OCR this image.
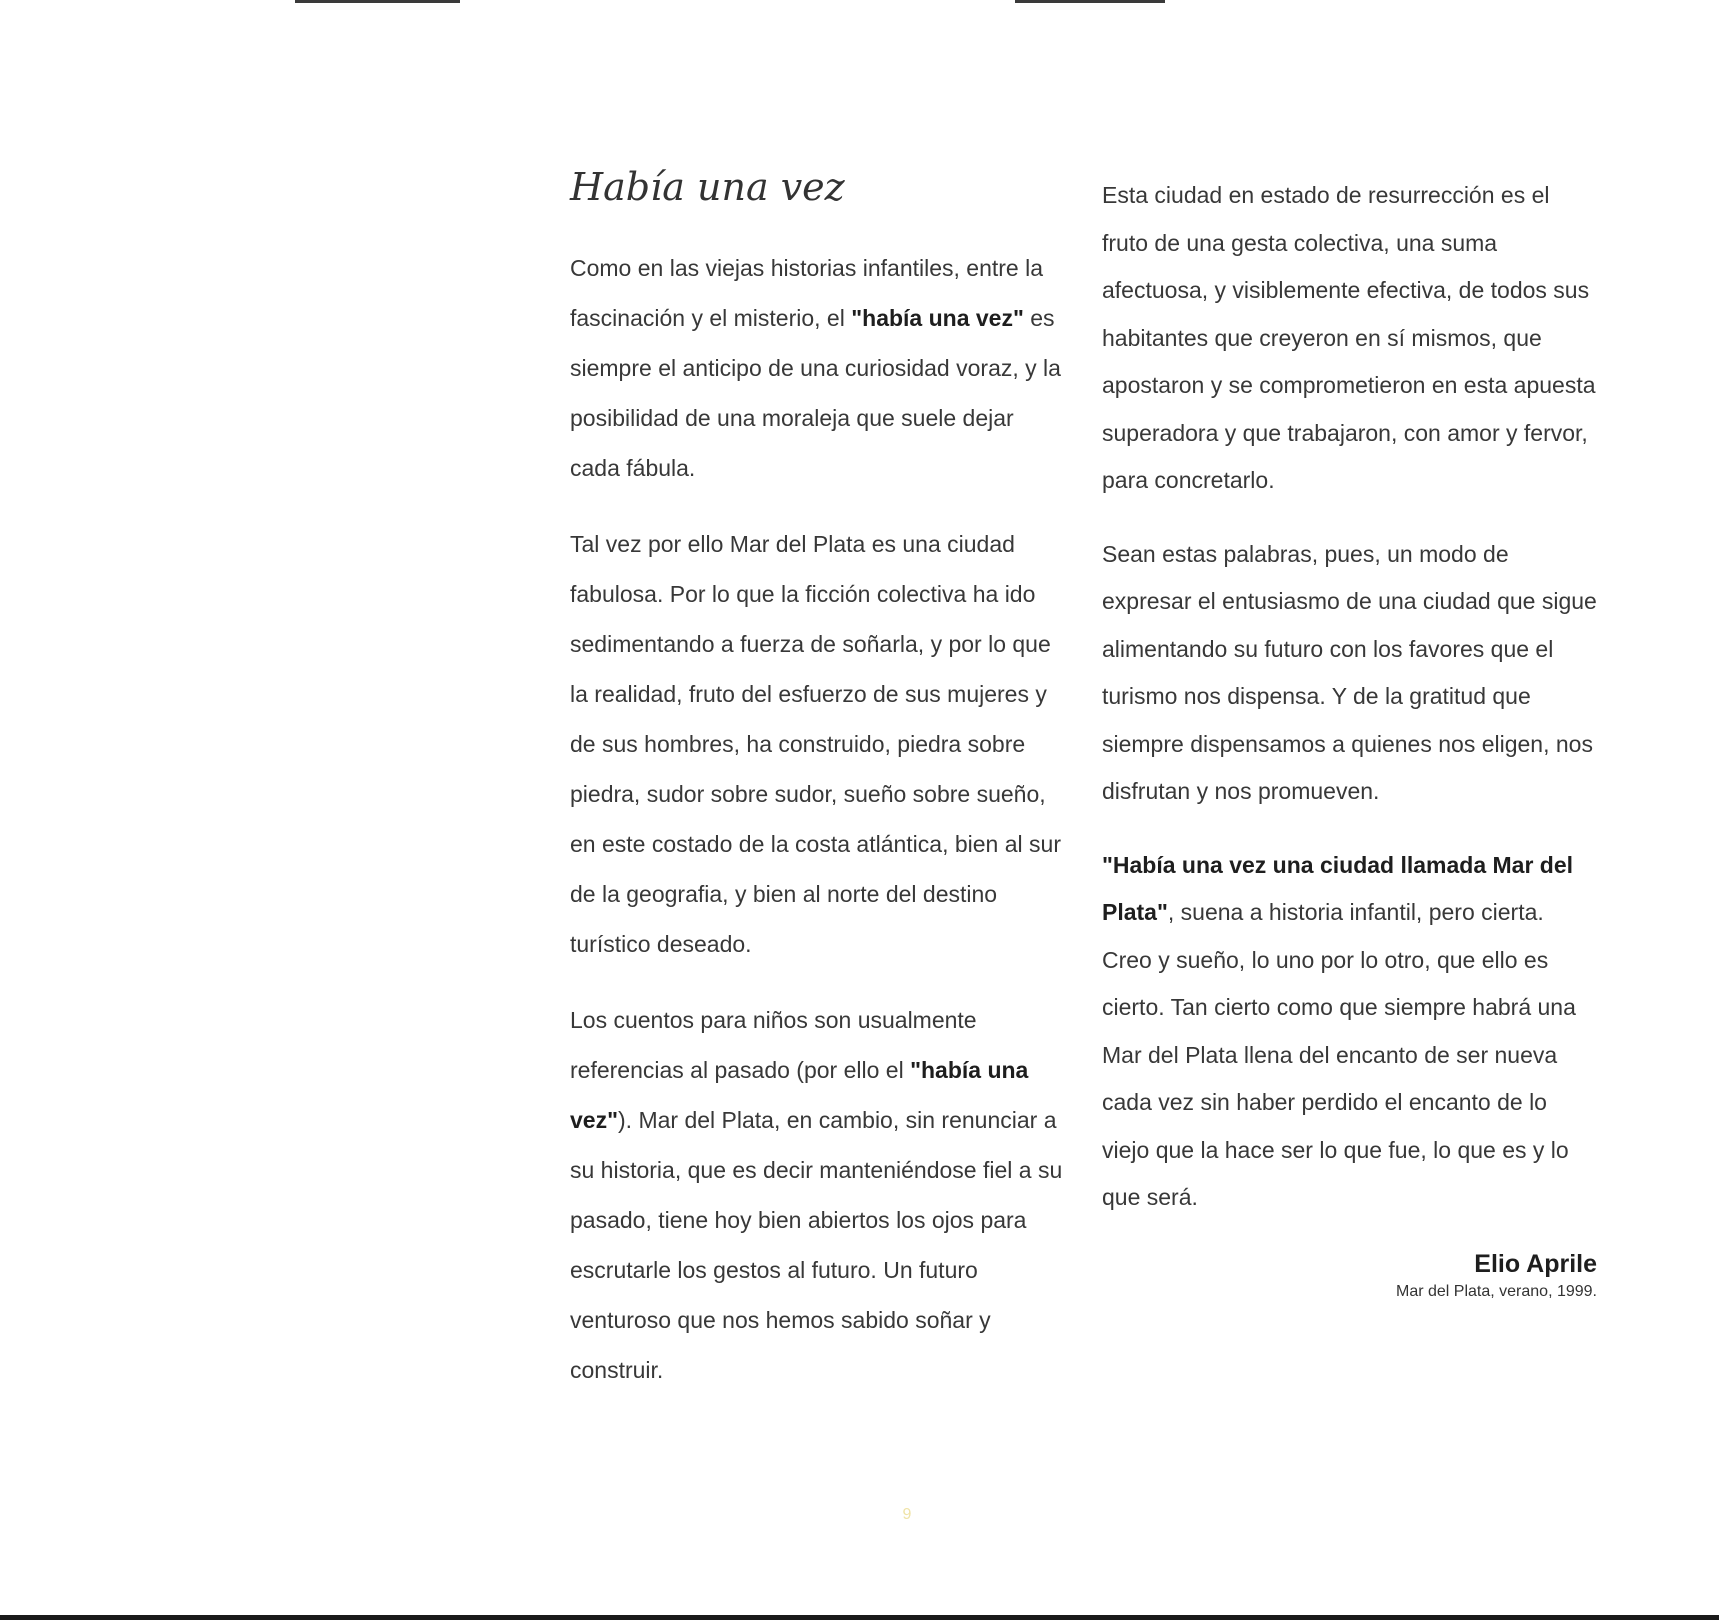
Había una vez

Como en las viejas historias infantiles, entre la fascinación y el misterio, el "había una vez" es siempre el anticipo de una curiosidad voraz, y la posibilidad de una moraleja que suele dejar cada fábula.

Tal vez por ello Mar del Plata es una ciudad fabulosa. Por lo que la ficción colectiva ha ido sedimentando a fuerza de soñarla, y por lo que la realidad, fruto del esfuerzo de sus mujeres y de sus hombres, ha construido, piedra sobre piedra, sudor sobre sudor, sueño sobre sueño, en este costado de la costa atlántica, bien al sur de la geografia, y bien al norte del destino turístico deseado.

Los cuentos para niños son usualmente referencias al pasado (por ello el "había una vez"). Mar del Plata, en cambio, sin renunciar a su historia, que es decir manteniéndose fiel a su pasado, tiene hoy bien abiertos los ojos para escrutarle los gestos al futuro. Un futuro venturoso que nos hemos sabido soñar y construir.

Esta ciudad en estado de resurrección es el fruto de una gesta colectiva, una suma afectuosa, y visiblemente efectiva, de todos sus habitantes que creyeron en sí mismos, que apostaron y se comprometieron en esta apuesta superadora y que trabajaron, con amor y fervor, para concretarlo.

Sean estas palabras, pues, un modo de expresar el entusiasmo de una ciudad que sigue alimentando su futuro con los favores que el turismo nos dispensa. Y de la gratitud que siempre dispensamos a quienes nos eligen, nos disfrutan y nos promueven.

"Había una vez una ciudad llamada Mar del Plata", suena a historia infantil, pero cierta. Creo y sueño, lo uno por lo otro, que ello es cierto. Tan cierto como que siempre habrá una Mar del Plata llena del encanto de ser nueva cada vez sin haber perdido el encanto de lo viejo que la hace ser lo que fue, lo que es y lo que será.

Elio Aprile
Mar del Plata, verano, 1999.
9
